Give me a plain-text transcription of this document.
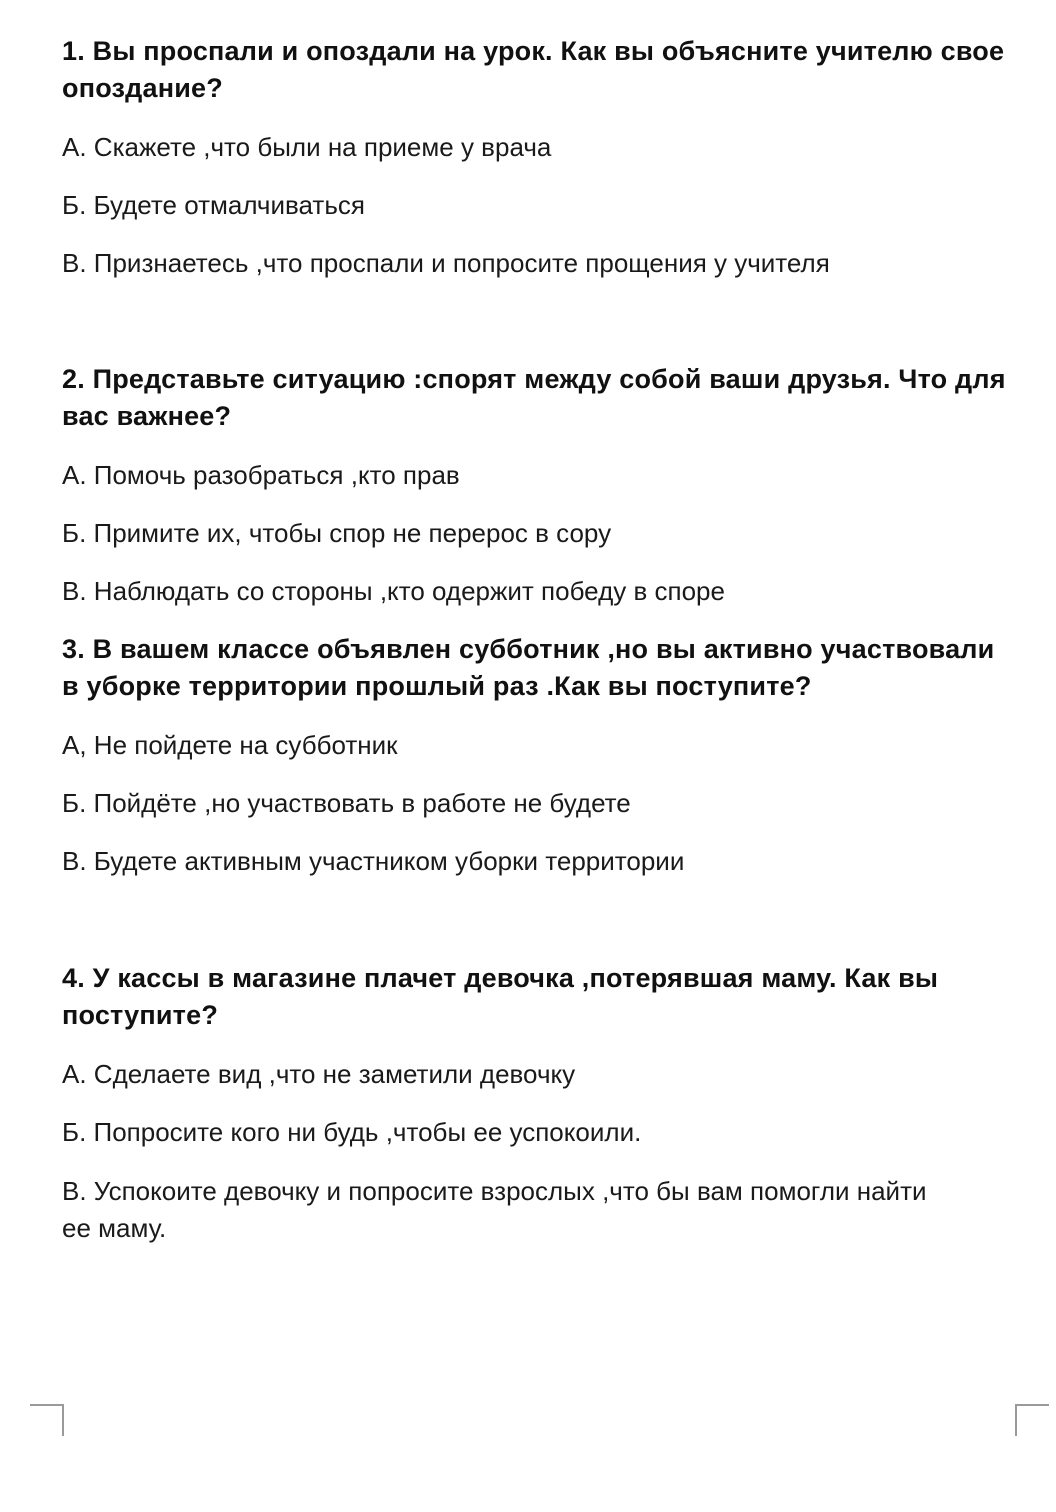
1. Вы проспали и опоздали на урок. Как вы объясните учителю свое опоздание?

А. Скажете ,что были на приеме у врача

Б. Будете отмалчиваться

В. Признаетесь ,что проспали и попросите прощения у учителя

2. Представьте ситуацию :спорят между собой ваши друзья. Что для вас важнее?

А. Помочь разобраться ,кто прав

Б. Примите их, чтобы спор не перерос в сору

В. Наблюдать со стороны ,кто одержит победу в споре

3. В вашем классе объявлен субботник ,но вы активно участвовали в уборке территории прошлый раз .Как вы поступите?

А, Не пойдете на субботник

Б. Пойдёте ,но участвовать в работе не будете

В. Будете активным участником уборки территории

4. У кассы в магазине плачет девочка ,потерявшая маму. Как вы поступите?

А. Сделаете вид ,что не заметили девочку

Б. Попросите кого ни будь ,чтобы ее успокоили.

В. Успокоите девочку и попросите взрослых ,что бы вам помогли найти ее маму.
